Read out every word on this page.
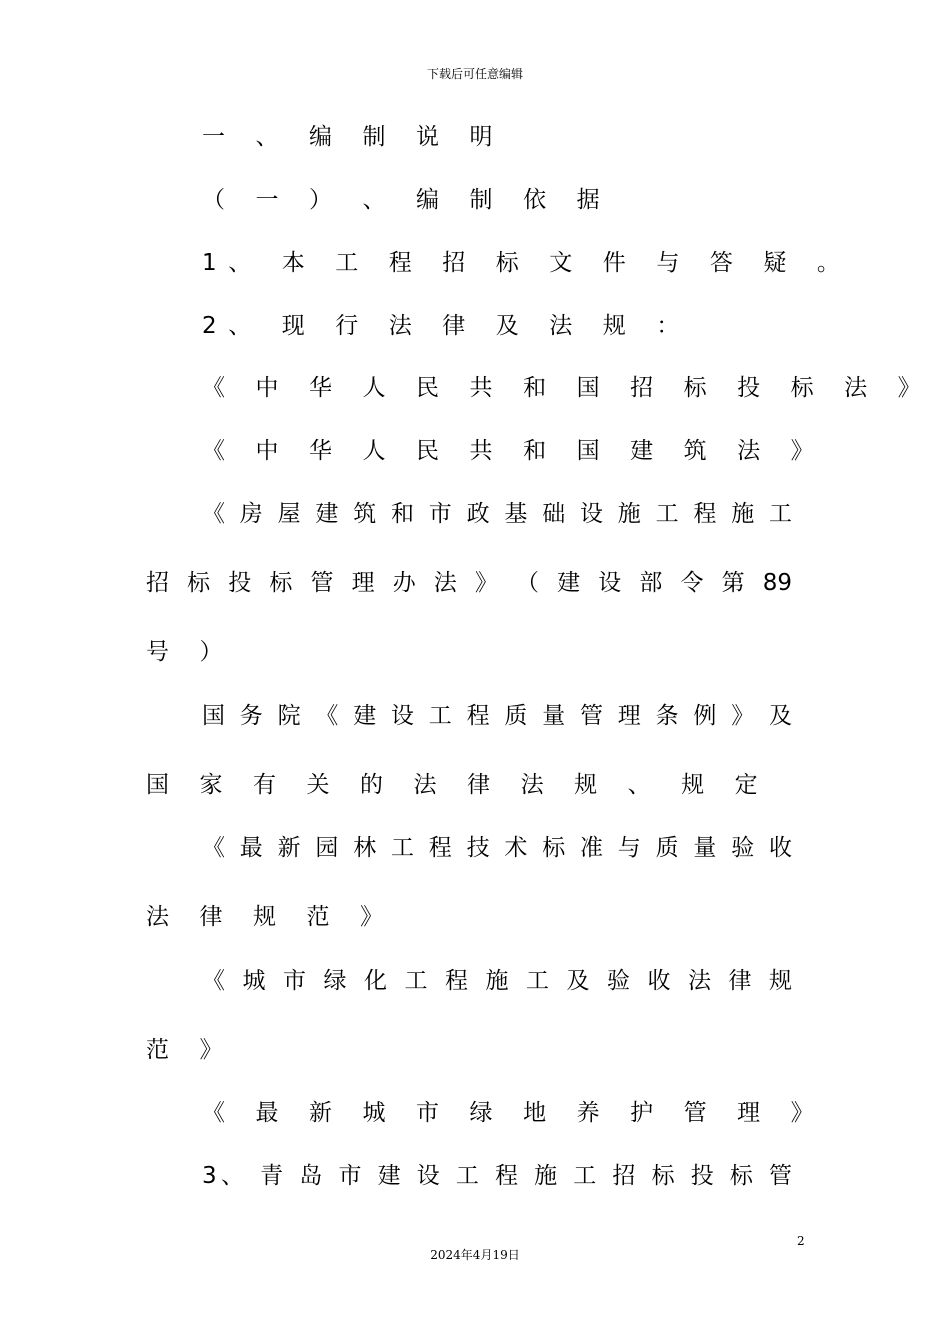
下载后可任意编辑
一 、 编 制 说 明
（ 一 ） 、 编 制 依 据
1、 本 工 程 招 标 文 件 与 答 疑 。
2、 现 行 法 律 及 法 规 ：
《 中 华 人 民 共 和 国 招 标 投 标 法 》
《 中 华 人 民 共 和 国 建 筑 法 》
《 房 屋 建 筑 和 市 政 基 础 设 施 工 程 施 工
招 标 投 标 管 理 办 法 》 （ 建 设 部 令 第 89
号 ）
国 务 院 《 建 设 工 程 质 量 管 理 条 例 》 及
国 家 有 关 的 法 律 法 规 、 规 定
《 最 新 园 林 工 程 技 术 标 准 与 质 量 验 收
法 律 规 范 》
《 城 市 绿 化 工 程 施 工 及 验 收 法 律 规
范 》
《 最 新 城 市 绿 地 养 护 管 理 》
3、 青 岛 市 建 设 工 程 施 工 招 标 投 标 管
2
2024年4月19日
